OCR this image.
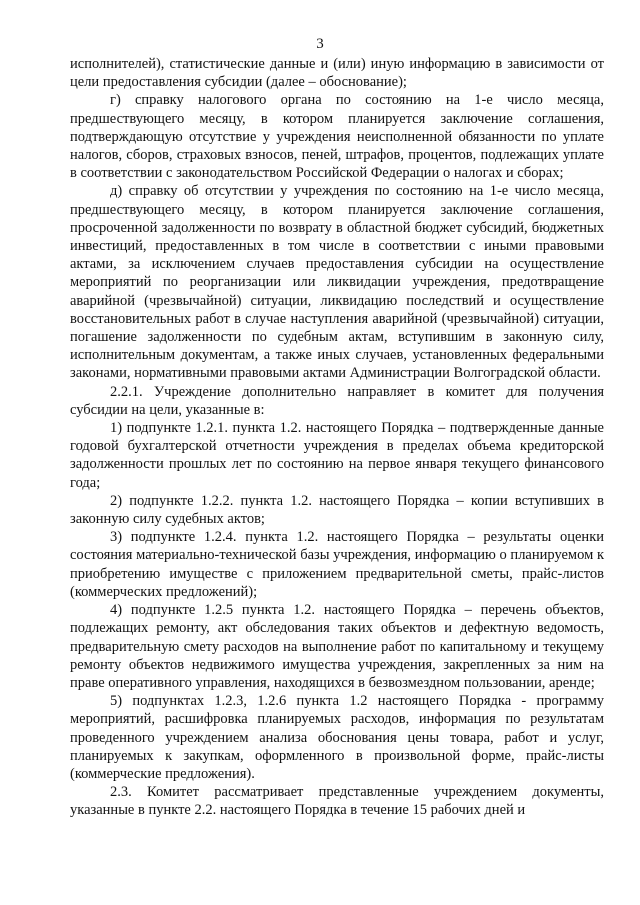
3

исполнителей), статистические данные и (или) иную информацию в зависимости от цели предоставления субсидии (далее – обоснование);

г) справку налогового органа по состоянию на 1-е число месяца, предшествующего месяцу, в котором планируется заключение соглашения, подтверждающую отсутствие у учреждения неисполненной обязанности по уплате налогов, сборов, страховых взносов, пеней, штрафов, процентов, подлежащих уплате в соответствии с законодательством Российской Федерации о налогах и сборах;

д) справку об отсутствии у учреждения по состоянию на 1-е число месяца, предшествующего месяцу, в котором планируется заключение соглашения, просроченной задолженности по возврату в областной бюджет субсидий, бюджетных инвестиций, предоставленных в том числе в соответствии с иными правовыми актами, за исключением случаев предоставления субсидии на осуществление мероприятий по реорганизации или ликвидации учреждения, предотвращение аварийной (чрезвычайной) ситуации, ликвидацию последствий и осуществление восстановительных работ в случае наступления аварийной (чрезвычайной) ситуации, погашение задолженности по судебным актам, вступившим в законную силу, исполнительным документам, а также иных случаев, установленных федеральными законами, нормативными правовыми актами Администрации Волгоградской области.

2.2.1. Учреждение дополнительно направляет в комитет для получения субсидии на цели, указанные в:

1) подпункте 1.2.1. пункта 1.2. настоящего Порядка – подтвержденные данные годовой бухгалтерской отчетности учреждения в пределах объема кредиторской задолженности прошлых лет по состоянию на первое января текущего финансового года;

2) подпункте 1.2.2. пункта 1.2. настоящего Порядка – копии вступивших в законную силу судебных актов;

3) подпункте 1.2.4. пункта 1.2. настоящего Порядка – результаты оценки состояния материально-технической базы учреждения, информацию о планируемом к приобретению имуществе с приложением предварительной сметы, прайс-листов (коммерческих предложений);

4) подпункте 1.2.5 пункта 1.2. настоящего Порядка – перечень объектов, подлежащих ремонту, акт обследования таких объектов и дефектную ведомость, предварительную смету расходов на выполнение работ по капитальному и текущему ремонту объектов недвижимого имущества учреждения, закрепленных за ним на праве оперативного управления, находящихся в безвозмездном пользовании, аренде;

5) подпунктах 1.2.3, 1.2.6 пункта 1.2 настоящего Порядка - программу мероприятий, расшифровка планируемых расходов, информация по результатам проведенного учреждением анализа обоснования цены товара, работ и услуг, планируемых к закупкам, оформленного в произвольной форме, прайс-листы (коммерческие предложения).

2.3. Комитет рассматривает представленные учреждением документы, указанные в пункте 2.2. настоящего Порядка в течение 15 рабочих дней и
